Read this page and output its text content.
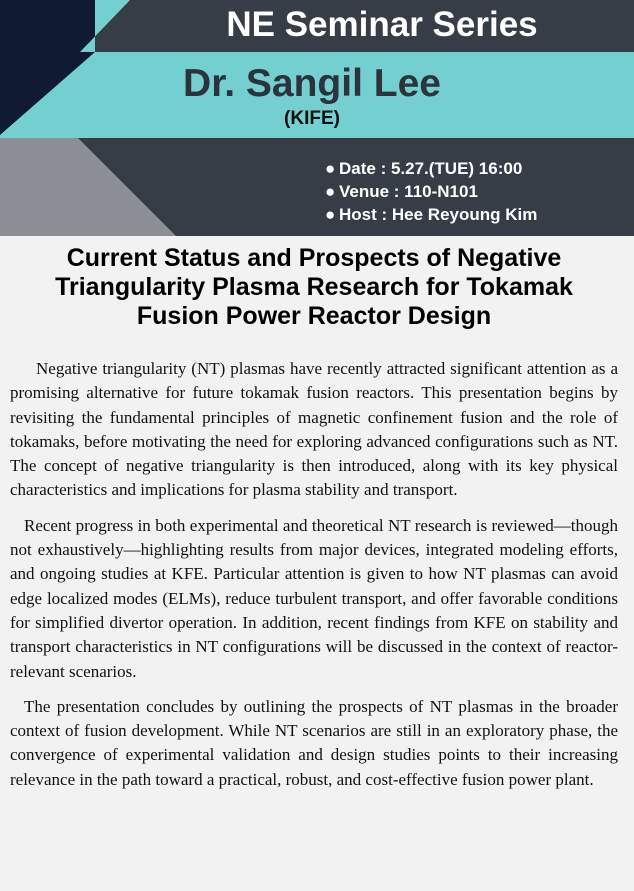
NE Seminar Series
Dr. Sangil Lee
(KIFE)
● Date : 5.27.(TUE) 16:00
● Venue : 110-N101
● Host : Hee Reyoung Kim
Current Status and Prospects of Negative
Triangularity Plasma Research for Tokamak
Fusion Power Reactor Design

Negative triangularity (NT) plasmas have recently attracted significant attention as a promising alternative for future tokamak fusion reactors. This presentation begins by revisiting the fundamental principles of magnetic confinement fusion and the role of tokamaks, before motivating the need for exploring advanced configurations such as NT. The concept of negative triangularity is then introduced, along with its key physical characteristics and implications for plasma stability and transport.

Recent progress in both experimental and theoretical NT research is reviewed—though not exhaustively—highlighting results from major devices, integrated modeling efforts, and ongoing studies at KFE. Particular attention is given to how NT plasmas can avoid edge localized modes (ELMs), reduce turbulent transport, and offer favorable conditions for simplified divertor operation. In addition, recent findings from KFE on stability and transport characteristics in NT configurations will be discussed in the context of reactor-relevant scenarios.

The presentation concludes by outlining the prospects of NT plasmas in the broader context of fusion development. While NT scenarios are still in an exploratory phase, the convergence of experimental validation and design studies points to their increasing relevance in the path toward a practical, robust, and cost-effective fusion power plant.
